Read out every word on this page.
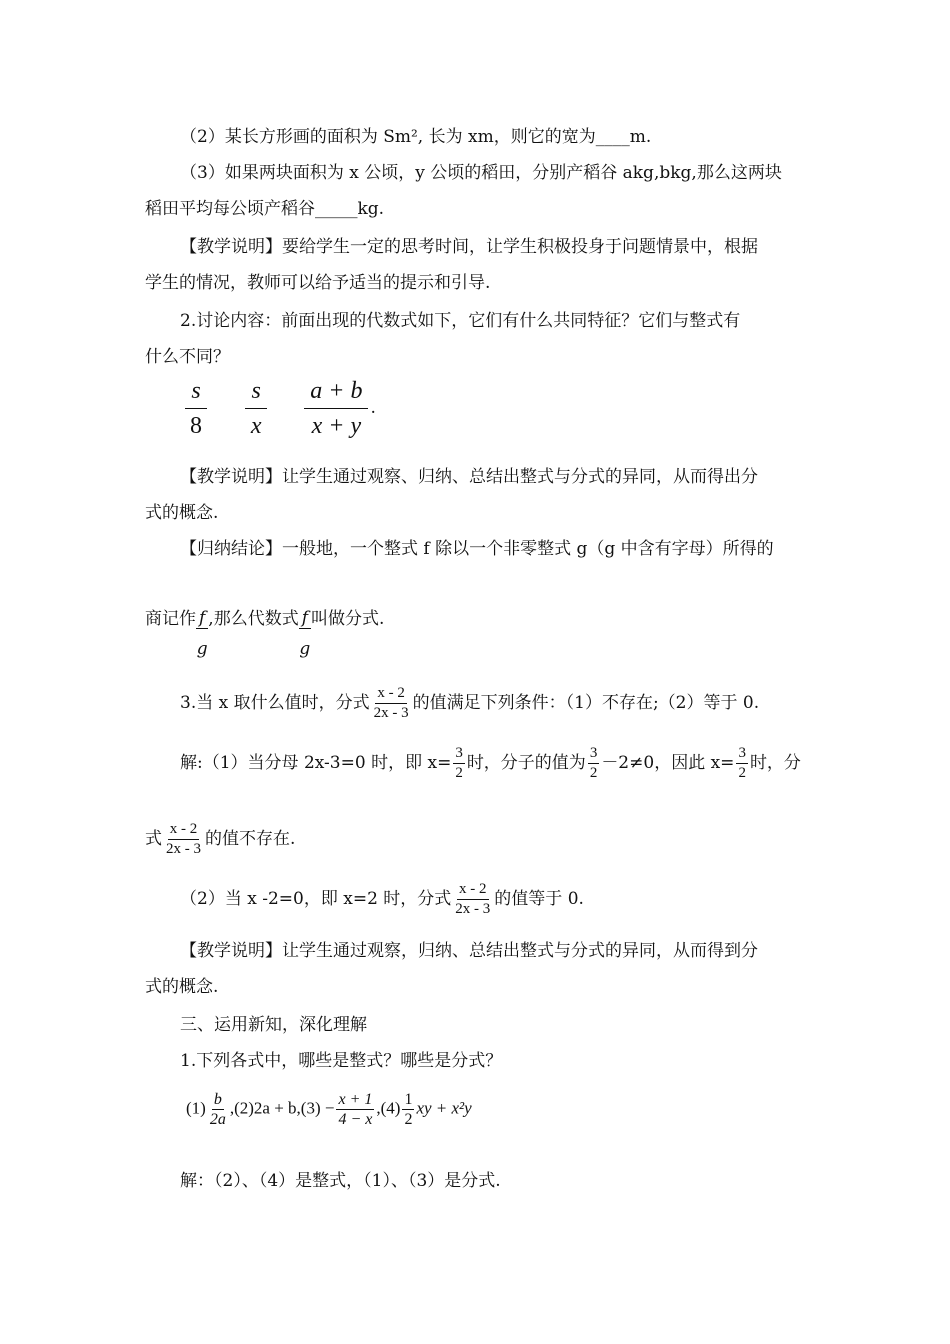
（2）某长方形画的面积为 Sm², 长为 xm，则它的宽为____m.
（3）如果两块面积为 x 公顷，y 公顷的稻田，分别产稻谷 akg,bkg,那么这两块
稻田平均每公顷产稻谷_____kg.
【教学说明】要给学生一定的思考时间，让学生积极投身于问题情景中，根据
学生的情况，教师可以给予适当的提示和引导.
2.讨论内容：前面出现的代数式如下，它们有什么共同特征？它们与整式有
什么不同？
$\frac{s}{8}$
$\frac{s}{x}$
$\frac{a + b}{x + y}$ .
【教学说明】让学生通过观察、归纳、总结出整式与分式的异同，从而得出分
式的概念.
【归纳结论】一般地，一个整式 f 除以一个非零整式 g（g 中含有字母）所得的
商记作 $\frac{f}{g}$ ,那么代数式 $\frac{f}{g}$ 叫做分式.
3.当 x 取什么值时，分式 $\frac{x - 2}{2x - 3}$ 的值满足下列条件：（1）不存在;（2）等于 0.
解:（1）当分母 2x-3=0 时，即 $x= \frac{3}{2}$ 时，分子的值为 $\frac{3}{2} -2\ne 0$，因此 $x= \frac{3}{2}$ 时，分
式 $\frac{x - 2}{2x - 3}$ 的值不存在.
（2）当 x -2=0，即 x=2 时，分式 $\frac{x - 2}{2x - 3}$ 的值等于 0.
【教学说明】让学生通过观察，归纳、总结出整式与分式的异同，从而得到分
式的概念.
三、运用新知，深化理解
1.下列各式中，哪些是整式？哪些是分式？
$(1) \frac{b}{2a} ,(2)2a + b,(3) - \frac{x + 1}{4 - x} ,(4) \frac{1}{2}$ xy + x²y
解：（2）、（4）是整式，（1）、（3）是分式.
